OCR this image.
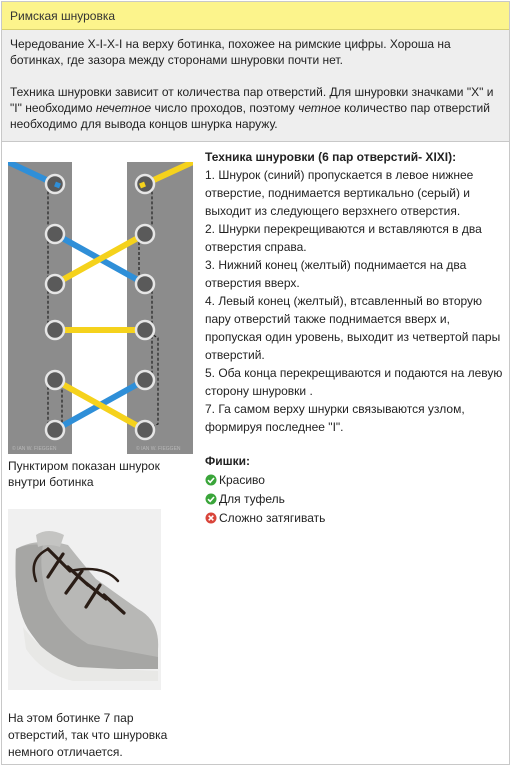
Римская шнуровка

Чередование X-I-X-I на верху ботинка, похожее на римские цифры. Хороша на ботинках, где зазора между сторонами шнуровки почти нет.

Техника шнуровки зависит от количества пар отверстий. Для шнуровки значками "X" и "I" необходимо нечетное число проходов, поэтому четное количество пар отверстий необходимо для вывода концов шнурка наружу.

© IAN W. FIEGGEN	© IAN W. FIEGGEN
Пунктиром показан шнурок внутри ботинка
На этом ботинке 7 пар отверстий, так что шнуровка немного отличается.
Техника шнуровки (6 пар отверстий- XIXI):

1. Шнурок (синий) пропускается в левое нижнее отверстие, поднимается вертикально (серый) и выходит из следующего верзхнего отверстия.

2. Шнурки перекрещиваются и вставляются в два отверстия справа.

3. Нижний конец (желтый) поднимается на два отверстия вверх.

4. Левый конец (желтый), втсавленный во вторую пару отверстий также поднимается вверх и, пропуская один уровень, выходит из четвертой пары отверстий.

5. Оба конца перекрещиваются и подаются на левую сторону шнуровки .

7. Га самом верху шнурки связываются узлом, формируя последнее "I".

Фишки:
Красиво
Для туфель
Сложно затягивать
